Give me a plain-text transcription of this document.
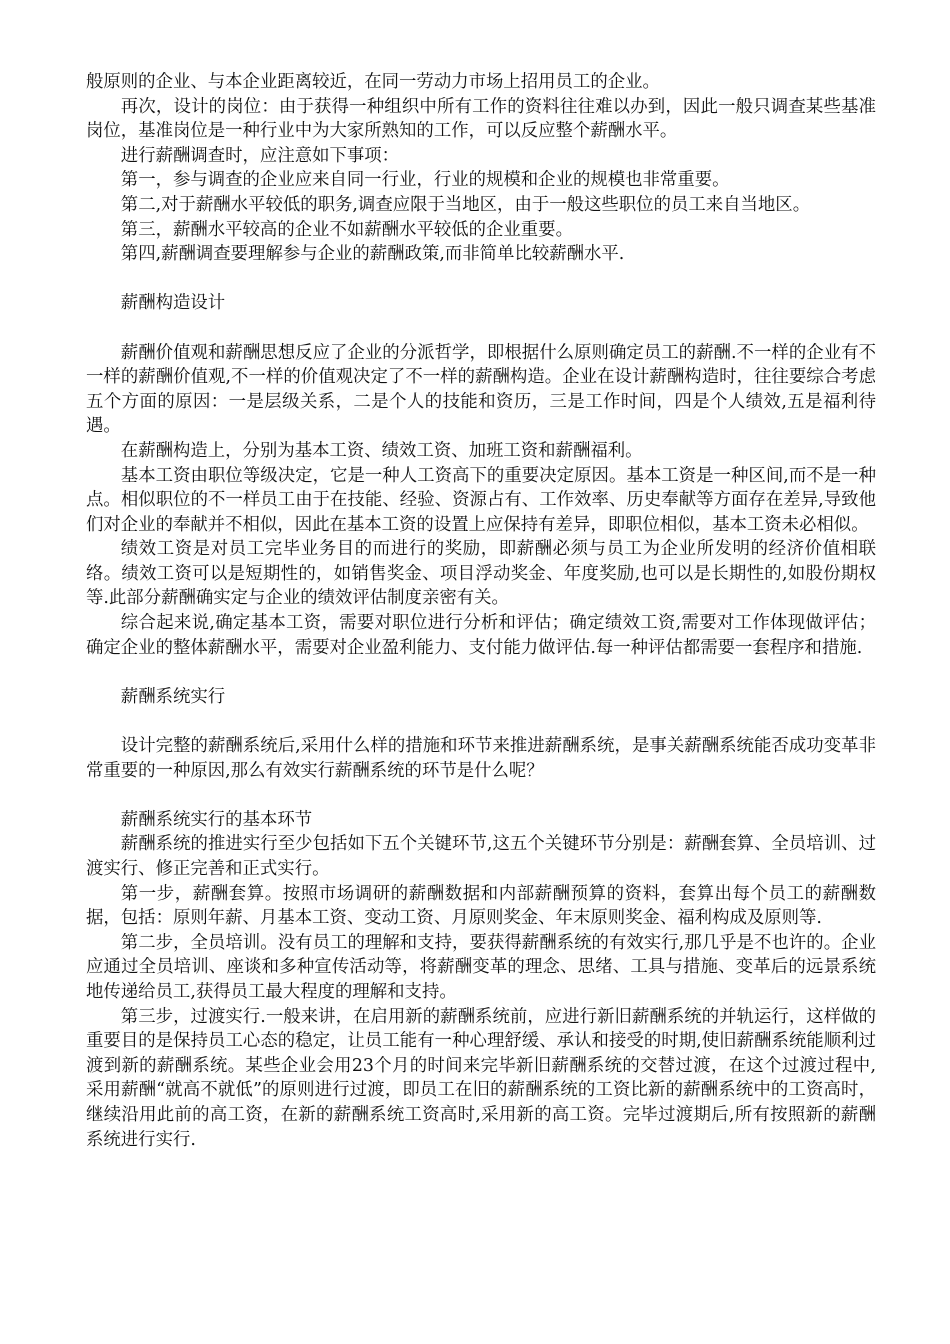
般原则的企业、与本企业距离较近，在同一劳动力市场上招用员工的企业。

再次，设计的岗位：由于获得一种组织中所有工作的资料往往难以办到，因此一般只调查某些基准岗位，基准岗位是一种行业中为大家所熟知的工作，可以反应整个薪酬水平。

进行薪酬调查时，应注意如下事项：

第一，参与调查的企业应来自同一行业，行业的规模和企业的规模也非常重要。

第二,对于薪酬水平较低的职务,调查应限于当地区，由于一般这些职位的员工来自当地区。

第三，薪酬水平较高的企业不如薪酬水平较低的企业重要。

第四,薪酬调查要理解参与企业的薪酬政策,而非简单比较薪酬水平.

薪酬构造设计

薪酬价值观和薪酬思想反应了企业的分派哲学，即根据什么原则确定员工的薪酬.不一样的企业有不一样的薪酬价值观,不一样的价值观决定了不一样的薪酬构造。企业在设计薪酬构造时，往往要综合考虑五个方面的原因：一是层级关系，二是个人的技能和资历，三是工作时间，四是个人绩效,五是福利待遇。

在薪酬构造上，分别为基本工资、绩效工资、加班工资和薪酬福利。

基本工资由职位等级决定，它是一种人工资高下的重要决定原因。基本工资是一种区间,而不是一种点。相似职位的不一样员工由于在技能、经验、资源占有、工作效率、历史奉献等方面存在差异,导致他们对企业的奉献并不相似，因此在基本工资的设置上应保持有差异，即职位相似，基本工资未必相似。

绩效工资是对员工完毕业务目的而进行的奖励，即薪酬必须与员工为企业所发明的经济价值相联络。绩效工资可以是短期性的，如销售奖金、项目浮动奖金、年度奖励,也可以是长期性的,如股份期权等.此部分薪酬确实定与企业的绩效评估制度亲密有关。

综合起来说,确定基本工资，需要对职位进行分析和评估；确定绩效工资,需要对工作体现做评估；确定企业的整体薪酬水平，需要对企业盈利能力、支付能力做评估.每一种评估都需要一套程序和措施.

薪酬系统实行

设计完整的薪酬系统后,采用什么样的措施和环节来推进薪酬系统，是事关薪酬系统能否成功变革非常重要的一种原因,那么有效实行薪酬系统的环节是什么呢？

薪酬系统实行的基本环节

薪酬系统的推进实行至少包括如下五个关键环节,这五个关键环节分别是：薪酬套算、全员培训、过渡实行、修正完善和正式实行。

第一步，薪酬套算。按照市场调研的薪酬数据和内部薪酬预算的资料，套算出每个员工的薪酬数据，包括：原则年薪、月基本工资、变动工资、月原则奖金、年末原则奖金、福利构成及原则等.

第二步，全员培训。没有员工的理解和支持，要获得薪酬系统的有效实行,那几乎是不也许的。企业应通过全员培训、座谈和多种宣传活动等，将薪酬变革的理念、思绪、工具与措施、变革后的远景系统地传递给员工,获得员工最大程度的理解和支持。

第三步，过渡实行.一般来讲，在启用新的薪酬系统前，应进行新旧薪酬系统的并轨运行，这样做的重要目的是保持员工心态的稳定，让员工能有一种心理舒缓、承认和接受的时期,使旧薪酬系统能顺利过渡到新的薪酬系统。某些企业会用23个月的时间来完毕新旧薪酬系统的交替过渡，在这个过渡过程中,采用薪酬“就高不就低”的原则进行过渡，即员工在旧的薪酬系统的工资比新的薪酬系统中的工资高时，继续沿用此前的高工资，在新的薪酬系统工资高时,采用新的高工资。完毕过渡期后,所有按照新的薪酬系统进行实行.
